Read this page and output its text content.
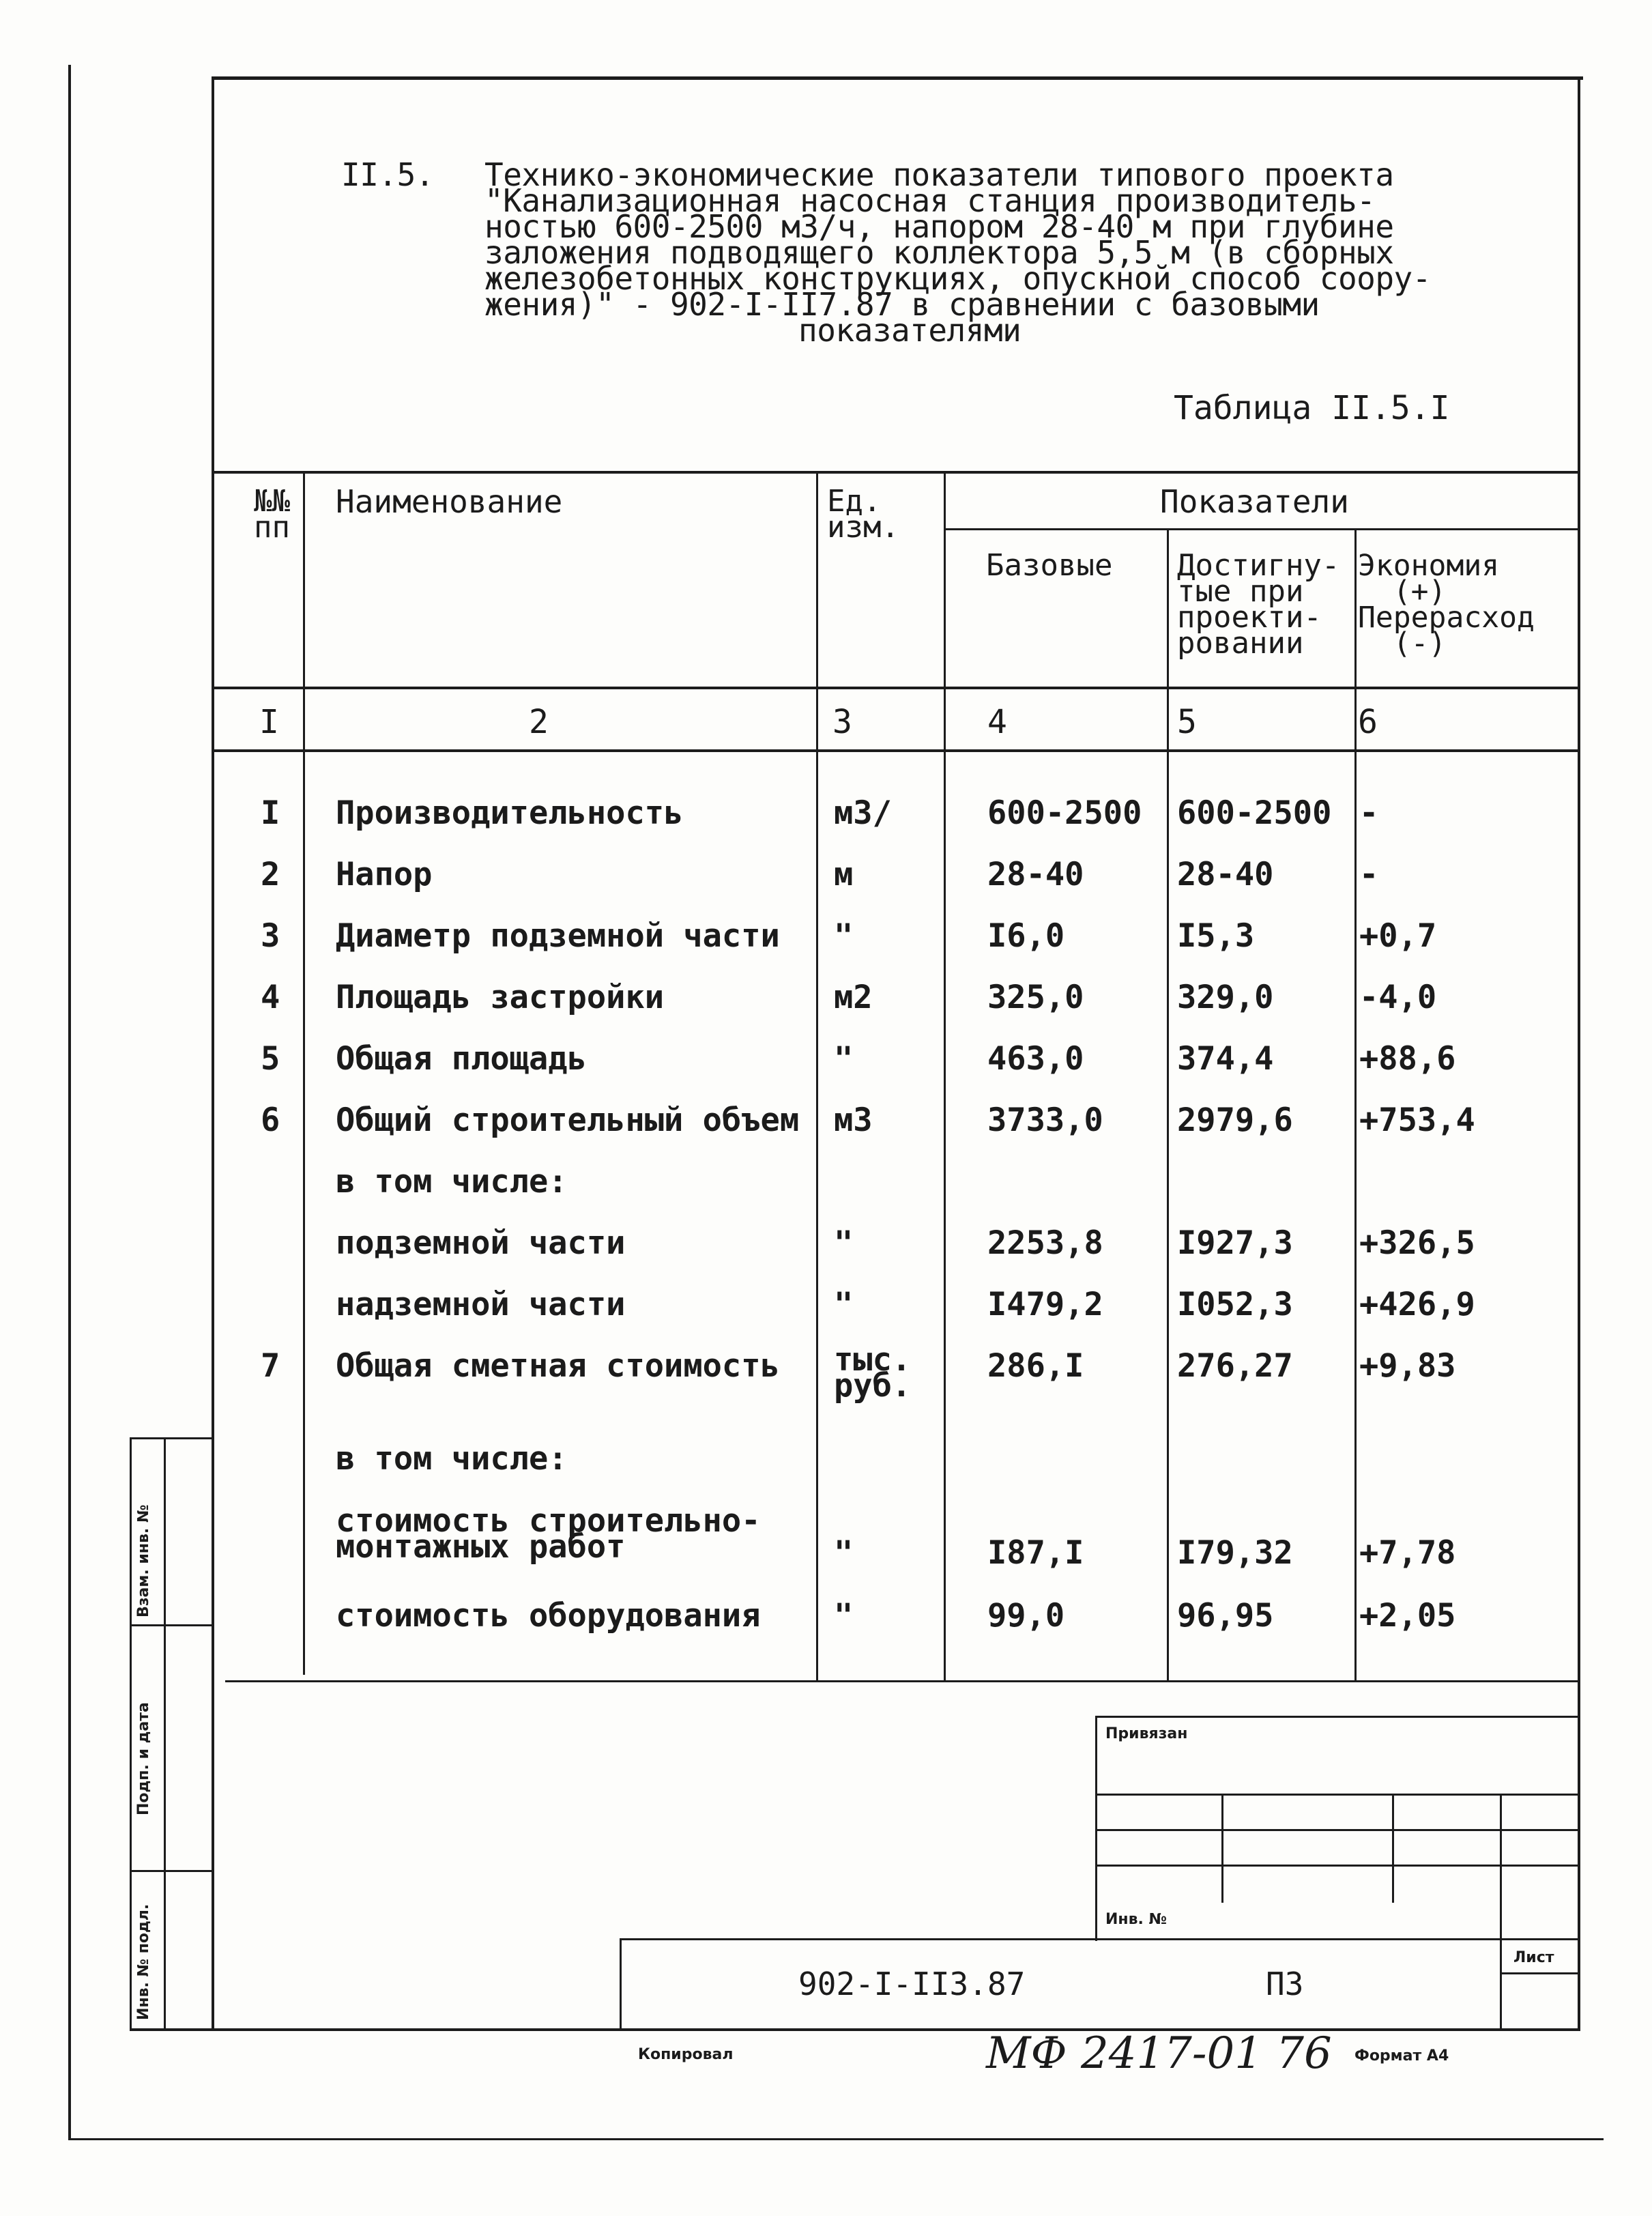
II.5.

Технико-экономические показатели типового проекта

"Канализационная насосная станция производитель-

ностью 600-2500 м3/ч, напором 28-40 м при глубине

заложения подводящего коллектора 5,5 м (в сборных

железобетонных конструкциях, опускной способ соору-

жения)" - 902-I-II7.87 в сравнении с базовыми

показателями

Таблица II.5.I
№№
пп
Наименование	Ед.
изм.
Показатели
Базовые Достигну-
тые при
проекти-
ровании
Экономия
(+)
Перерасход
(-)
I	2	3	4	5	6
I Производительность	м3/	600-2500 600-2500 -
2 Напор	м	28-40	28-40	-
3 Диаметр подземной части "	I6,0	I5,3	+0,7
4 Площадь застройки	м2	325,0	329,0	-4,0
5 Общая площадь	"	463,0	374,4	+88,6
6 Общий строительный объем м3	3733,0 2979,6 +753,4
в том числе:
подземной части	"	2253,8 I927,3 +326,5
надземной части	"	I479,2 I052,3 +426,9
7 Общая сметная стоимость тыс.
руб.
286,I	276,27 +9,83
в том числе:
стоимость строительно-
монтажных работ	"	I87,I	I79,32 +7,78
стоимость оборудования "	99,0	96,95	+2,05
Взам. инв. №
Подп. и дата
Инв. № подл.
Привязан
Инв. №
902-I-II3.87	ПЗ
Лист
Копировал	МФ 2417-01 76 Формат А4
